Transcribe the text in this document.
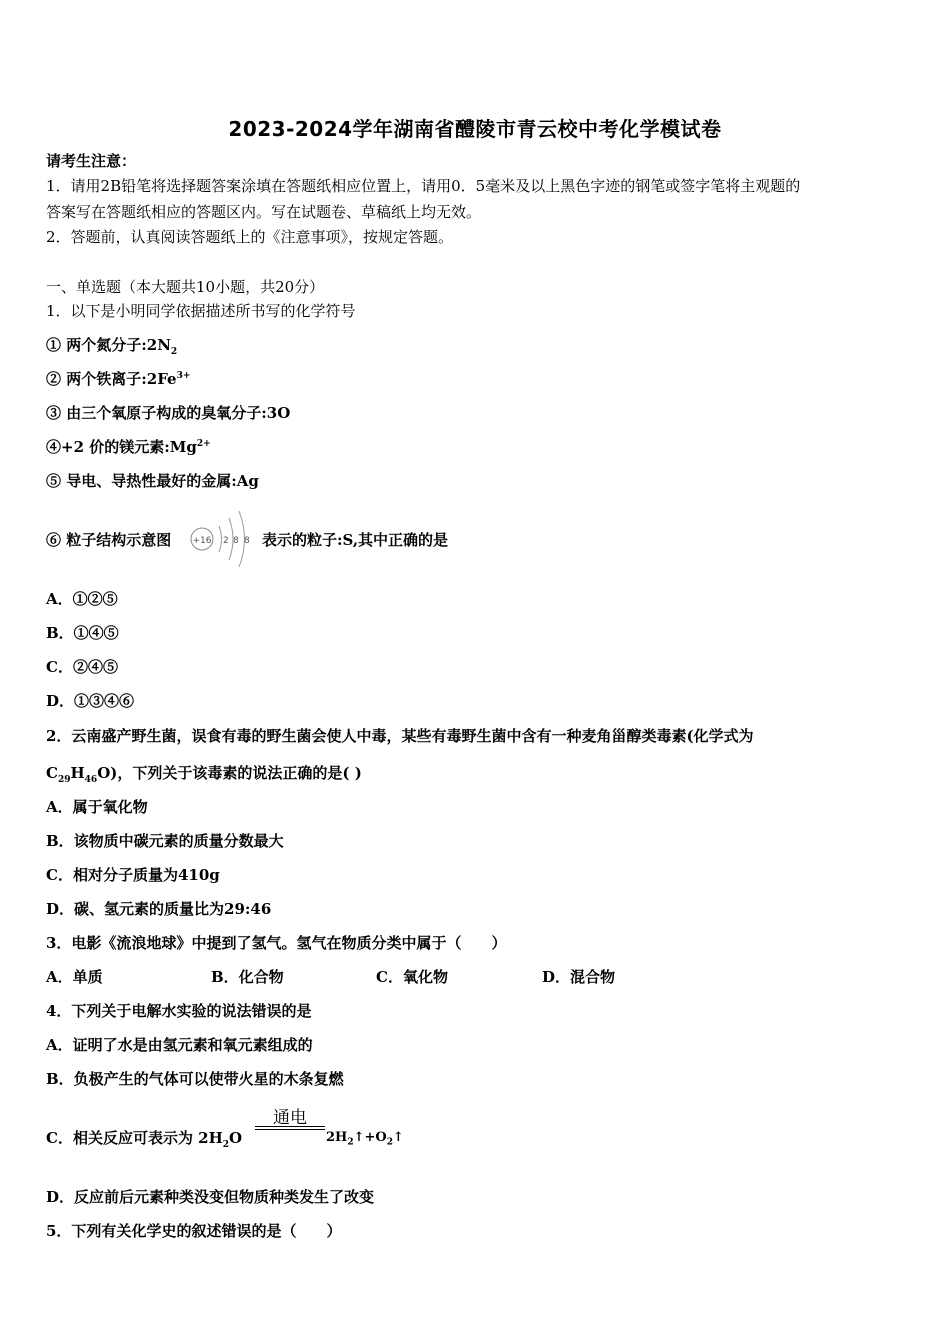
2023-2024学年湖南省醴陵市青云校中考化学模试卷
请考生注意：
1．请用2B铅笔将选择题答案涂填在答题纸相应位置上，请用0．5毫米及以上黑色字迹的钢笔或签字笔将主观题的
答案写在答题纸相应的答题区内。写在试题卷、草稿纸上均无效。
2．答题前，认真阅读答题纸上的《注意事项》，按规定答题。
一、单选题（本大题共10小题，共20分）
1．以下是小明同学依据描述所书写的化学符号
① 两个氮分子$:2N_2$
② 两个铁离子$:2Fe^{3+}$
③ 由三个氧原子构成的臭氧分子:3O
④+2 价的镁元素$:Mg^{2+}$
⑤ 导电、导热性最好的金属:Ag
⑥ 粒子结构示意图 +16 2 8 8 表示的粒子:S,其中正确的是
A．①②⑤
B．①④⑤
C．②④⑤
D．①③④⑥
2．云南盛产野生菌，误食有毒的野生菌会使人中毒，某些有毒野生菌中含有一种麦角甾醇类毒素(化学式为
$C_{29}H_{46}O$)，下列关于该毒素的说法正确的是( )
A．属于氧化物
B．该物质中碳元素的质量分数最大
C．相对分子质量为410g
D．碳、氢元素的质量比为29:46
3．电影《流浪地球》中提到了氢气。氢气在物质分类中属于（　　）
A．单质	B．化合物	C．氧化物	D．混合物
4．下列关于电解水实验的说法错误的是
A．证明了水是由氢元素和氧元素组成的
B．负极产生的气体可以使带火星的木条复燃
C．相关反应可表示为 $2H_2O$
通电
$2H_2↑+O_2↑$
D．反应前后元素种类没变但物质种类发生了改变
5．下列有关化学史的叙述错误的是（　　）
